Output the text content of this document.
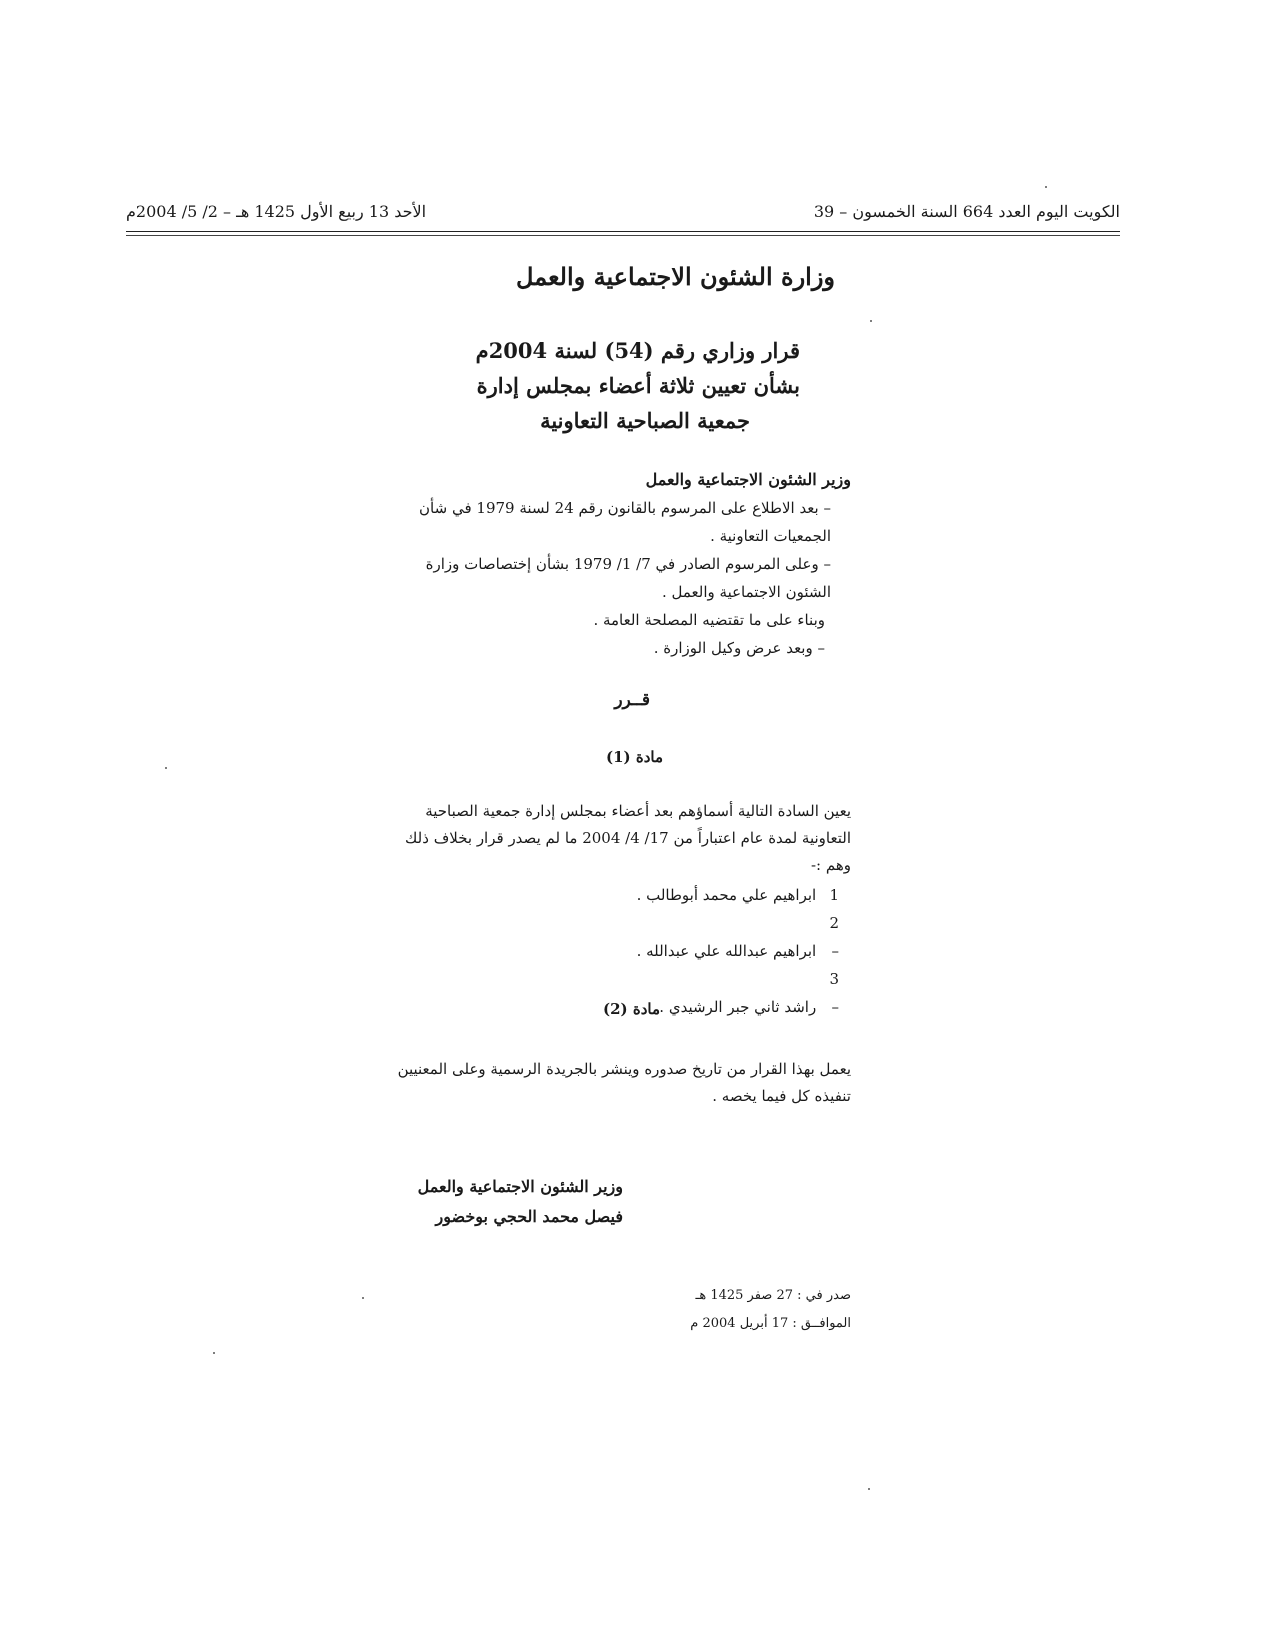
الكويت اليوم العدد 664 السنة الخمسون – 39
الأحد 13 ربيع الأول 1425 هـ – 2/ 5/ 2004م
وزارة الشئون الاجتماعية والعمل
قرار وزاري رقم (54) لسنة 2004م
بشأن تعيين ثلاثة أعضاء بمجلس إدارة
جمعية الصباحية التعاونية
وزير الشئون الاجتماعية والعمل
– بعد الاطلاع على المرسوم بالقانون رقم 24 لسنة 1979 في شأن الجمعيات التعاونية .
– وعلى المرسوم الصادر في 7/ 1/ 1979 بشأن إختصاصات وزارة الشئون الاجتماعية والعمل .
وبناء على ما تقتضيه المصلحة العامة .
– وبعد عرض وكيل الوزارة .
قــرر
مادة (1)
يعين السادة التالية أسماؤهم بعد أعضاء بمجلس إدارة جمعية الصباحية التعاونية لمدة عام اعتباراً من 17/ 4/ 2004 ما لم يصدر قرار بخلاف ذلك وهم :-
1 ابراهيم علي محمد أبوطالب .
2 – ابراهيم عبدالله علي عبدالله .
3 – راشد ثاني جبر الرشيدي .
مادة (2)
يعمل بهذا القرار من تاريخ صدوره وينشر بالجريدة الرسمية وعلى المعنيين تنفيذه كل فيما يخصه .
وزير الشئون الاجتماعية والعمل
فيصل محمد الحجي بوخضور
صدر في : 27 صفر 1425 هـ
الموافــق : 17 أبريل 2004 م
